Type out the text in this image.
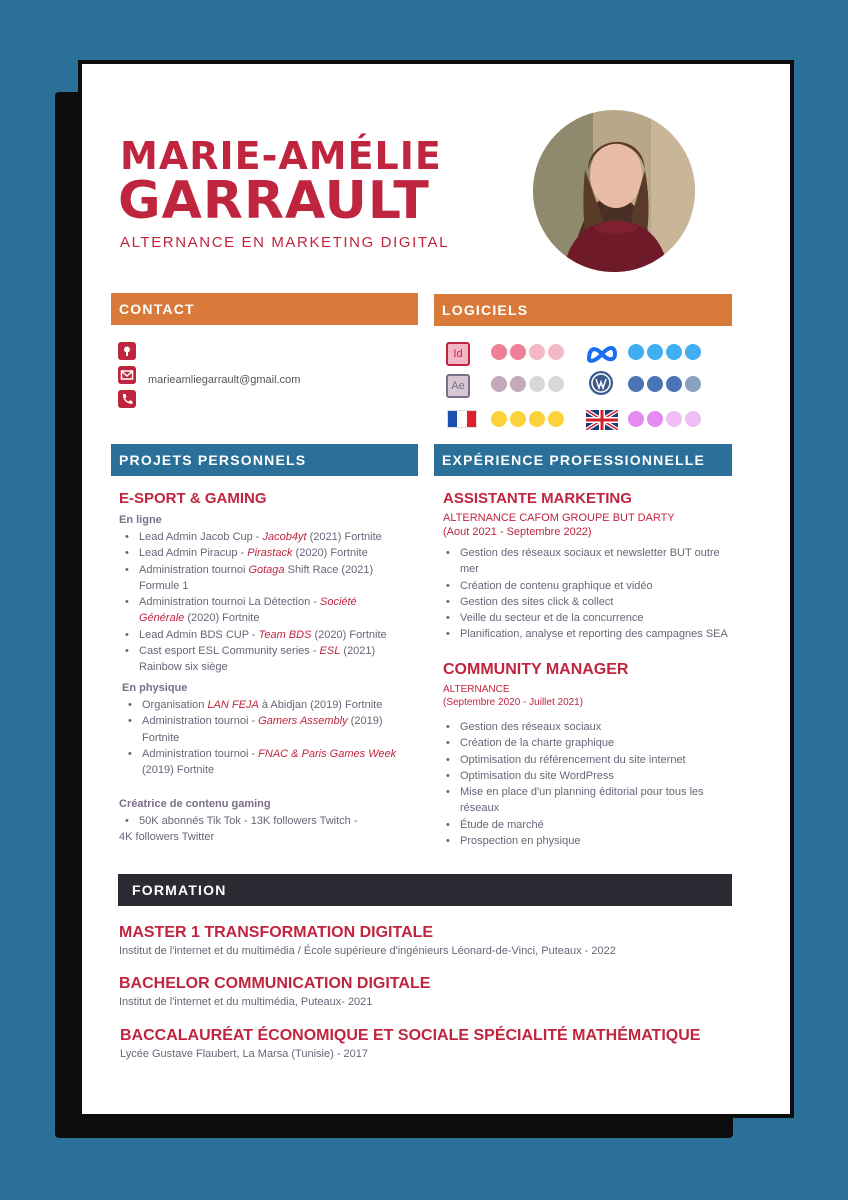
MARIE-AMÉLIE
GARRAULT
ALTERNANCE EN MARKETING DIGITAL
CONTACT
marieamliegarrault@gmail.com
LOGICIELS
Id
Ae
PROJETS PERSONNELS
E-SPORT & GAMING
En ligne
• Lead Admin Jacob Cup - Jacob4yt (2021) Fortnite
• Lead Admin Piracup - Pirastack (2020) Fortnite
• Administration tournoi Gotaga Shift Race (2021) Formule 1
• Administration tournoi La Détection - Société Générale (2020) Fortnite
• Lead Admin BDS CUP - Team BDS (2020) Fortnite
• Cast esport ESL Community series - ESL (2021) Rainbow six siège
En physique
• Organisation LAN FEJA à Abidjan (2019) Fortnite
• Administration tournoi - Gamers Assembly (2019) Fortnite
• Administration tournoi - FNAC & Paris Games Week (2019) Fortnite
Créatrice de contenu gaming
• 50K abonnés Tik Tok - 13K followers Twitch -
4K followers Twitter
EXPÉRIENCE PROFESSIONNELLE
ASSISTANTE MARKETING
ALTERNANCE CAFOM GROUPE BUT DARTY
(Aout 2021 - Septembre 2022)
• Gestion des réseaux sociaux et newsletter BUT outre mer
• Création de contenu graphique et vidéo
• Gestion des sites click & collect
• Veille du secteur et de la concurrence
• Planification, analyse et reporting des campagnes SEA
COMMUNITY MANAGER
ALTERNANCE
(Septembre 2020 - Juillet 2021)
• Gestion des réseaux sociaux
• Création de la charte graphique
• Optimisation du référencement du site internet
• Optimisation du site WordPress
• Mise en place d'un planning éditorial pour tous les réseaux
• Étude de marché
• Prospection en physique
FORMATION
MASTER 1 TRANSFORMATION DIGITALE
Institut de l'internet et du multimédia / École supérieure d'ingénieurs Léonard-de-Vinci, Puteaux - 2022
BACHELOR COMMUNICATION DIGITALE
Institut de l'internet et du multimédia, Puteaux- 2021
BACCALAURÉAT ÉCONOMIQUE ET SOCIALE SPÉCIALITÉ MATHÉMATIQUE
Lycée Gustave Flaubert, La Marsa (Tunisie) - 2017
